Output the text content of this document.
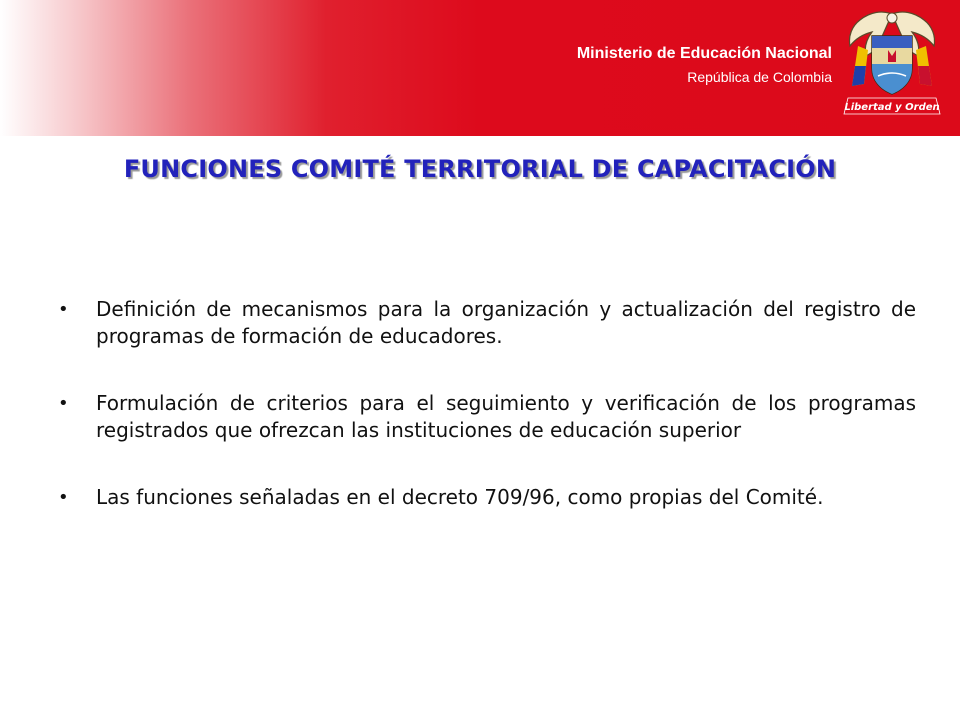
Ministerio de Educación Nacional
República de Colombia
Libertad y Orden
FUNCIONES COMITÉ TERRITORIAL DE CAPACITACIÓN
• Definición de mecanismos para la organización y actualización del registro de programas de formación de educadores.
• Formulación de criterios para el seguimiento y verificación de los programas registrados que ofrezcan las instituciones de educación superior
• Las funciones señaladas en el decreto 709/96, como propias del Comité.
